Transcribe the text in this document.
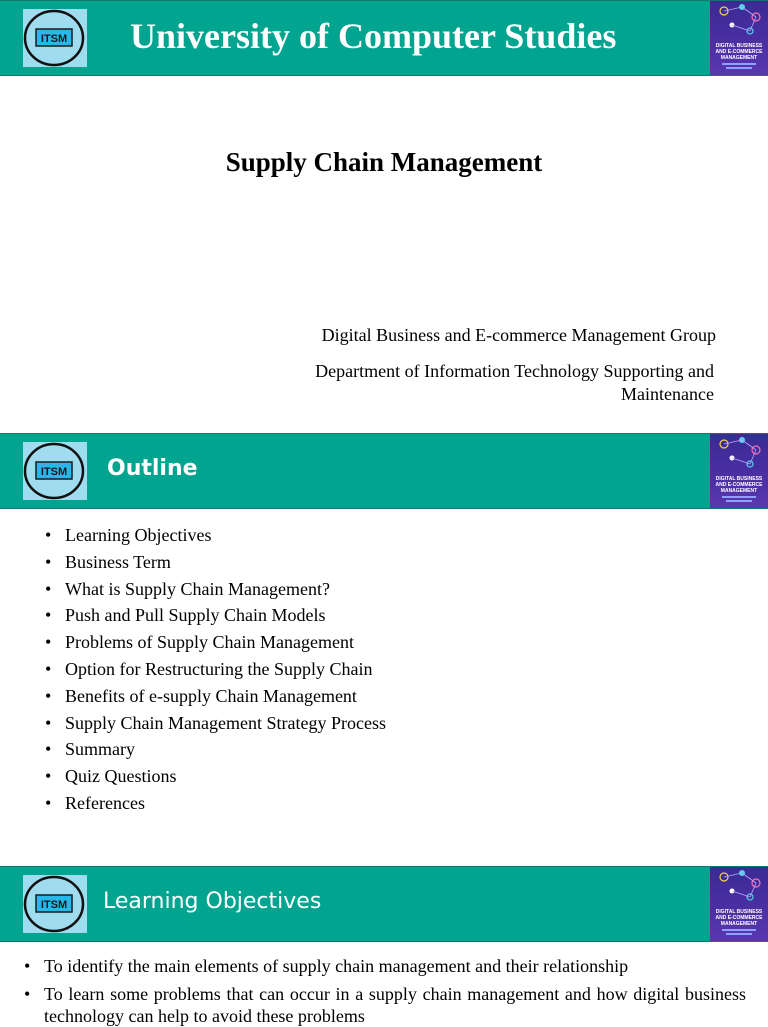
ITSM University of Computer Studies	DIGITAL BUSINESS
AND E-COMMERCE
MANAGEMENT
Supply Chain Management
Digital Business and E-commerce Management Group
Department of Information Technology Supporting and
Maintenance
ITSM Outline	DIGITAL BUSINESS
AND E-COMMERCE
MANAGEMENT
• Learning Objectives
• Business Term
• What is Supply Chain Management?
• Push and Pull Supply Chain Models
• Problems of Supply Chain Management
• Option for Restructuring the Supply Chain
• Benefits of e-supply Chain Management
• Supply Chain Management Strategy Process
• Summary
• Quiz Questions
• References
ITSM Learning Objectives	DIGITAL BUSINESS
AND E-COMMERCE
MANAGEMENT
• To identify the main elements of supply chain management and their relationship
• To learn some problems that can occur in a supply chain management and how digital business technology can help to avoid these problems
